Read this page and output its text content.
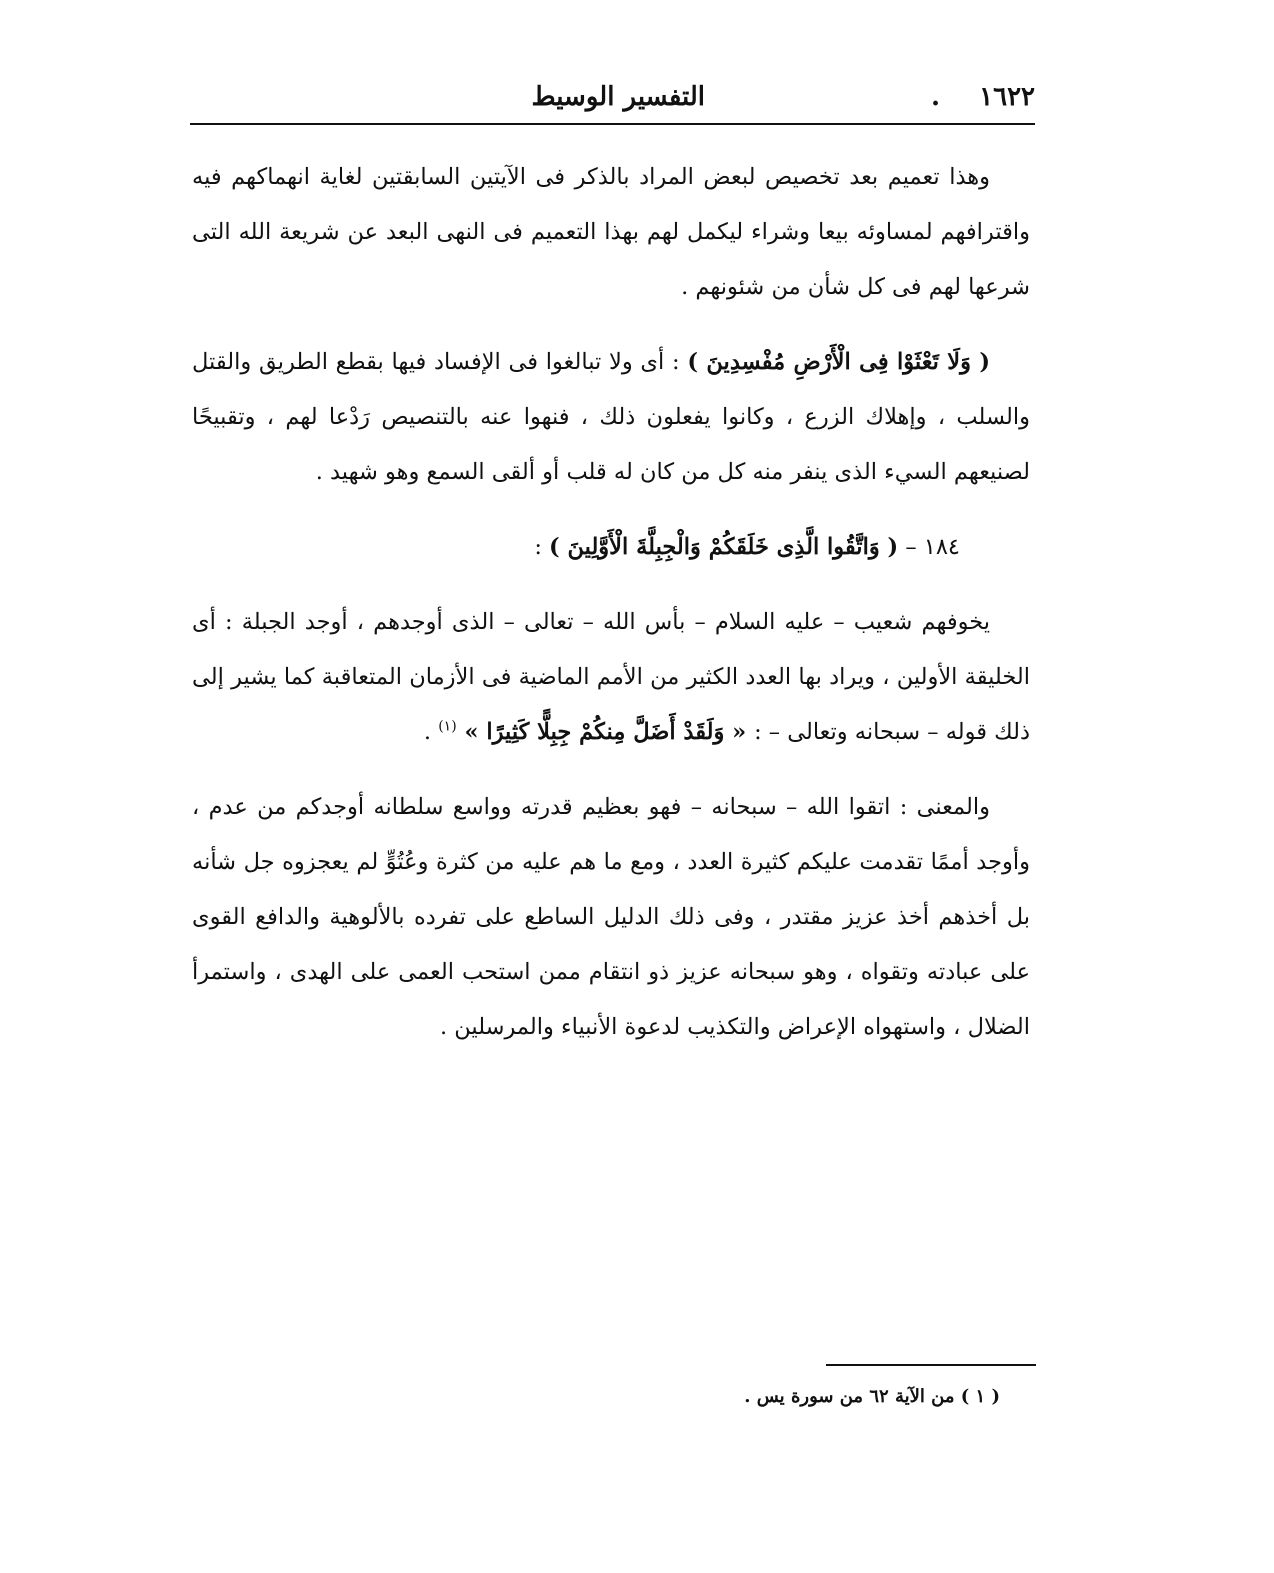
١٦٢٢
.
التفسير الوسيط

وهذا تعميم بعد تخصيص لبعض المراد بالذكر فى الآيتين السابقتين لغاية انهماكهم فيه واقترافهم لمساوئه بيعا وشراء ليكمل لهم بهذا التعميم فى النهى البعد عن شريعة الله التى شرعها لهم فى كل شأن من شئونهم .

( وَلَا تَعْثَوْا فِى الْأَرْضِ مُفْسِدِينَ ) : أى ولا تبالغوا فى الإفساد فيها بقطع الطريق والقتل والسلب ، وإهلاك الزرع ، وكانوا يفعلون ذلك ، فنهوا عنه بالتنصيص رَدْعا لهم ، وتقبيحًا لصنيعهم السيء الذى ينفر منه كل من كان له قلب أو ألقى السمع وهو شهيد .

١٨٤ – ( وَاتَّقُوا الَّذِى خَلَقَكُمْ وَالْجِبِلَّةَ الْأَوَّلِينَ ) :

يخوفهم شعيب – عليه السلام – بأس الله – تعالى – الذى أوجدهم ، أوجد الجبلة : أى الخليقة الأولين ، ويراد بها العدد الكثير من الأمم الماضية فى الأزمان المتعاقبة كما يشير إلى ذلك قوله – سبحانه وتعالى – : « وَلَقَدْ أَضَلَّ مِنكُمْ جِبِلًّا كَثِيرًا » $^{(١)}$ .

والمعنى : اتقوا الله – سبحانه – فهو بعظيم قدرته وواسع سلطانه أوجدكم من عدم ، وأوجد أممًا تقدمت عليكم كثيرة العدد ، ومع ما هم عليه من كثرة وعُتُوٍّ لم يعجزوه جل شأنه بل أخذهم أخذ عزيز مقتدر ، وفى ذلك الدليل الساطع على تفرده بالألوهية والدافع القوى على عبادته وتقواه ، وهو سبحانه عزيز ذو انتقام ممن استحب العمى على الهدى ، واستمرأ الضلال ، واستهواه الإعراض والتكذيب لدعوة الأنبياء والمرسلين .

( ١ ) من الآية ٦٢ من سورة يس .
